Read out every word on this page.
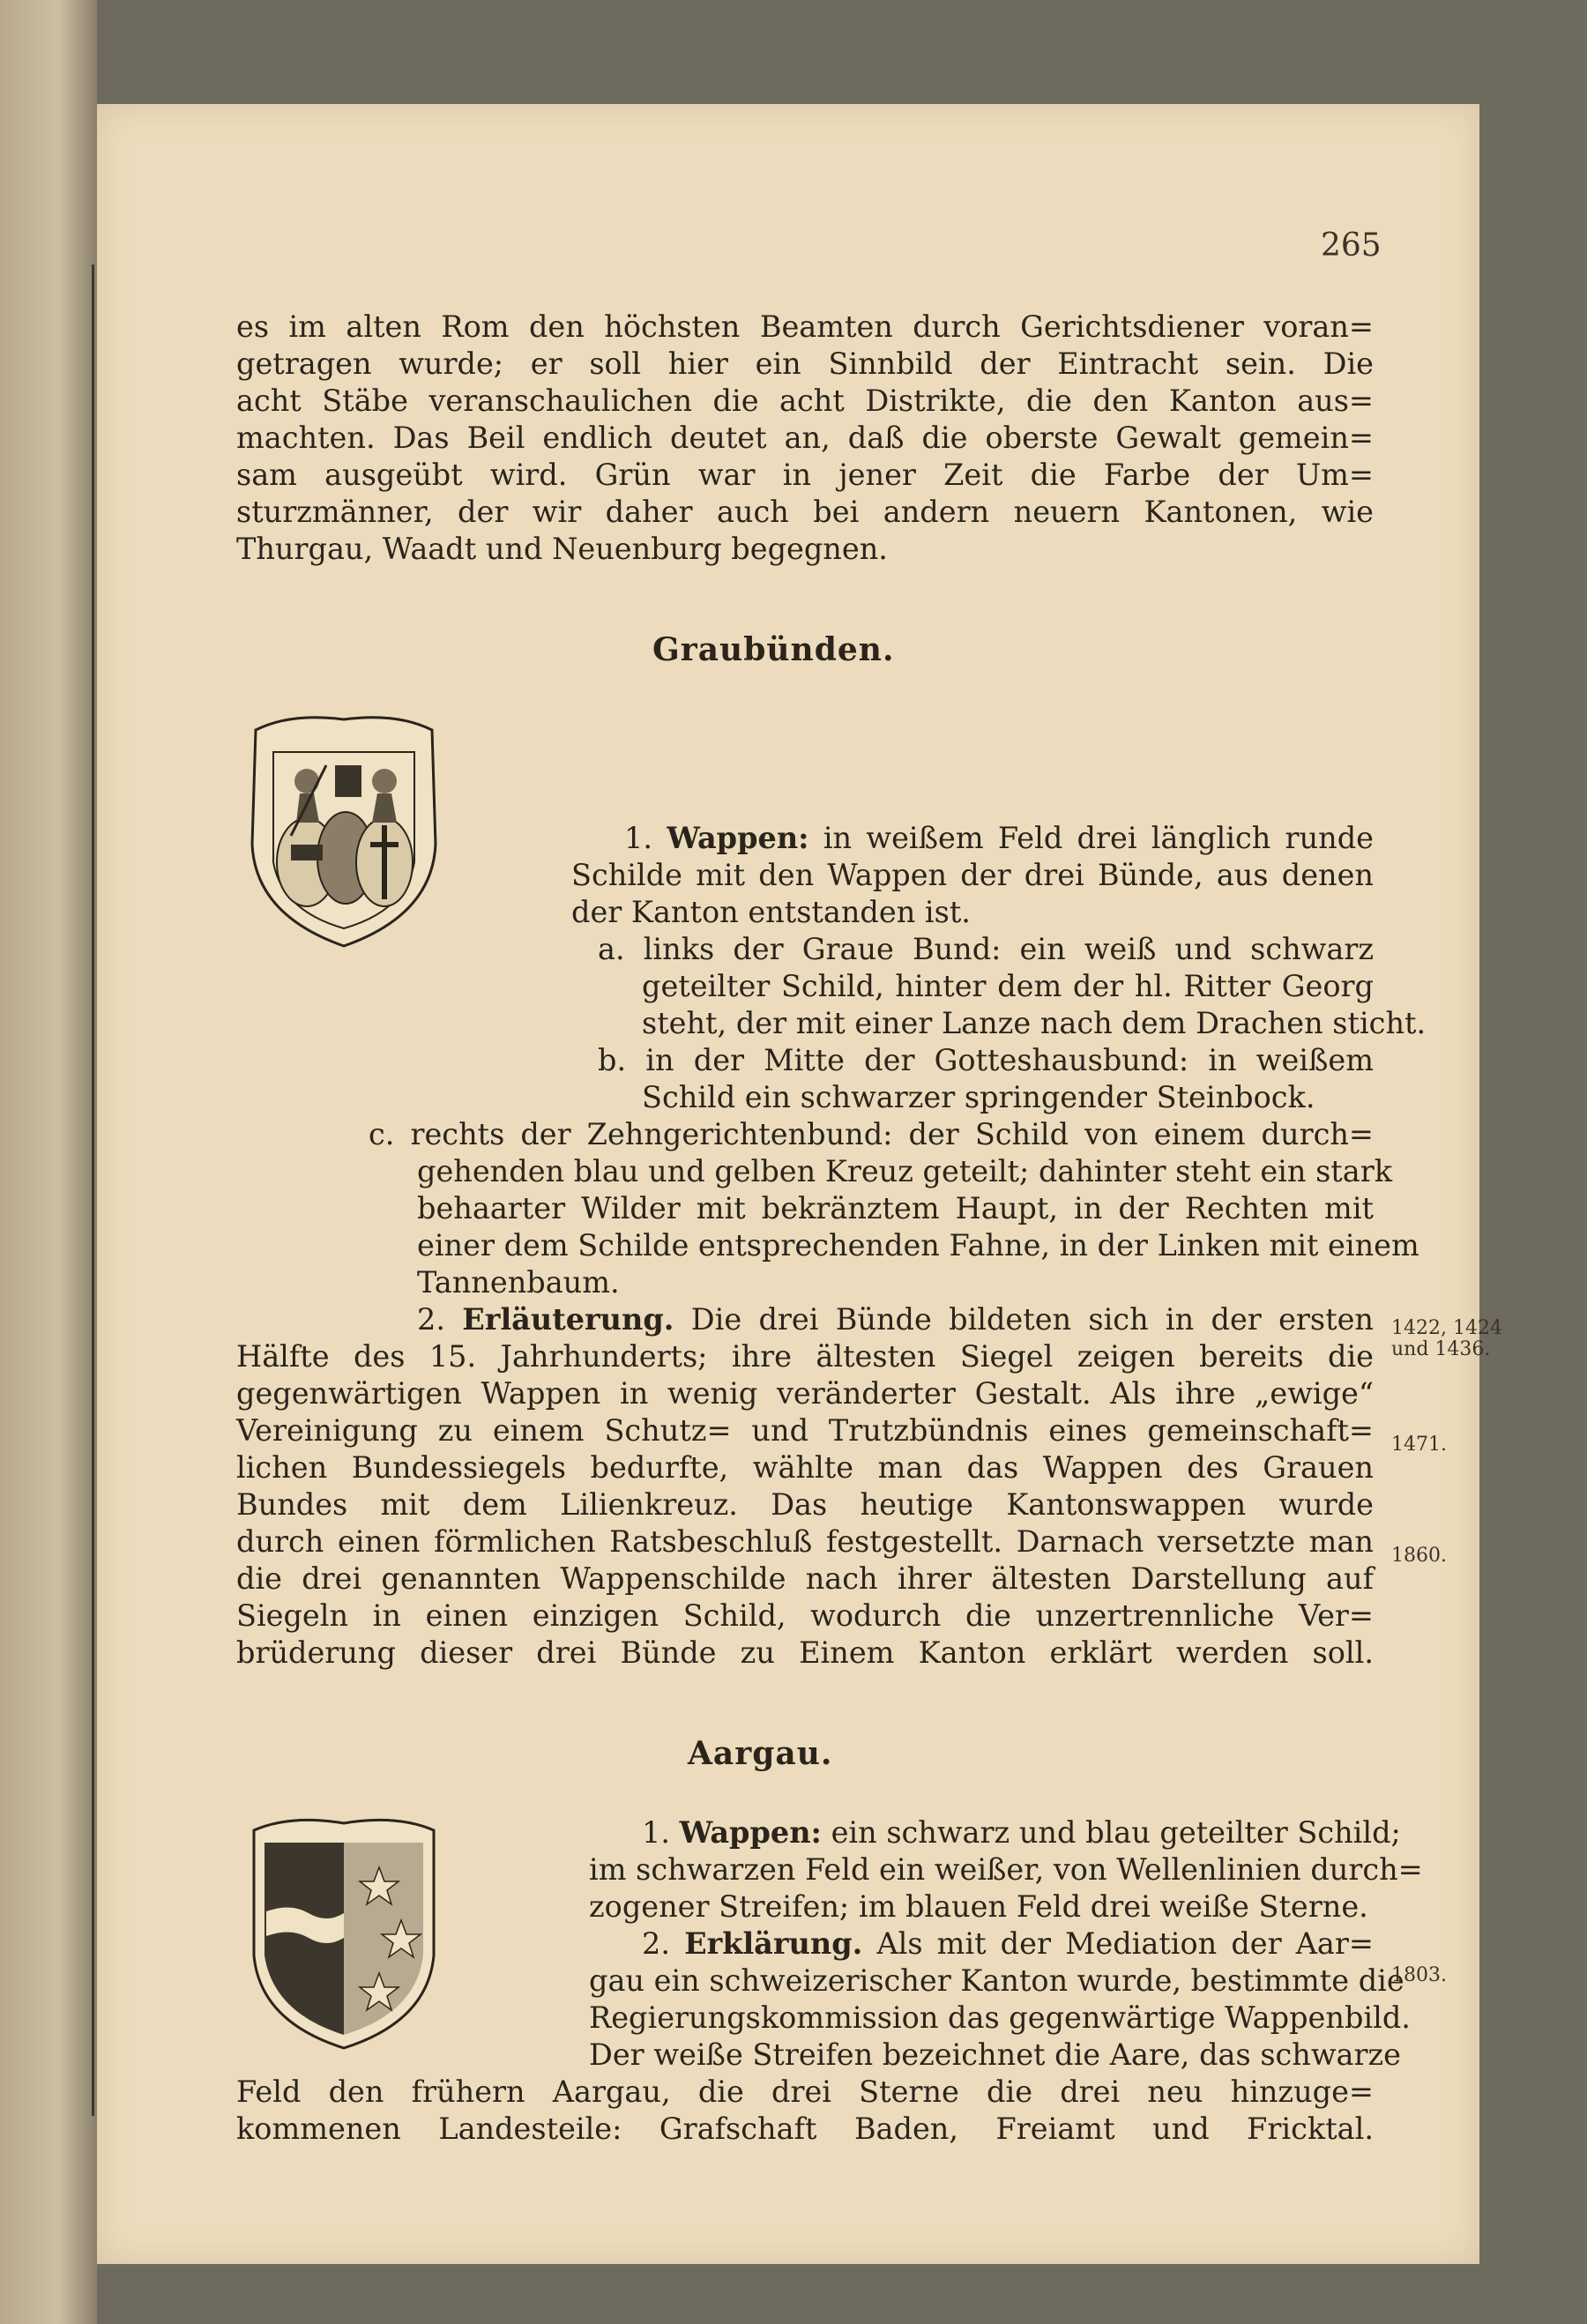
265
es im alten Rom den höchsten Beamten durch Gerichtsdiener voran=
getragen wurde; er soll hier ein Sinnbild der Eintracht sein. Die
acht Stäbe veranschaulichen die acht Distrikte, die den Kanton aus=
machten. Das Beil endlich deutet an, daß die oberste Gewalt gemein=
sam ausgeübt wird. Grün war in jener Zeit die Farbe der Um=
sturzmänner, der wir daher auch bei andern neuern Kantonen, wie
Thurgau, Waadt und Neuenburg begegnen.
Graubünden.
1. Wappen: in weißem Feld drei länglich runde
Schilde mit den Wappen der drei Bünde, aus denen
der Kanton entstanden ist.
a. links der Graue Bund: ein weiß und schwarz
geteilter Schild, hinter dem der hl. Ritter Georg
steht, der mit einer Lanze nach dem Drachen sticht.
b. in der Mitte der Gotteshausbund: in weißem
Schild ein schwarzer springender Steinbock.
c. rechts der Zehngerichtenbund: der Schild von einem durch=
gehenden blau und gelben Kreuz geteilt; dahinter steht ein stark
behaarter Wilder mit bekränztem Haupt, in der Rechten mit
einer dem Schilde entsprechenden Fahne, in der Linken mit einem
Tannenbaum.
2. Erläuterung. Die drei Bünde bildeten sich in der ersten
Hälfte des 15. Jahrhunderts; ihre ältesten Siegel zeigen bereits die
gegenwärtigen Wappen in wenig veränderter Gestalt. Als ihre „ewige“
Vereinigung zu einem Schutz= und Trutzbündnis eines gemeinschaft=
lichen Bundessiegels bedurfte, wählte man das Wappen des Grauen
Bundes mit dem Lilienkreuz. Das heutige Kantonswappen wurde
durch einen förmlichen Ratsbeschluß festgestellt. Darnach versetzte man
die drei genannten Wappenschilde nach ihrer ältesten Darstellung auf
Siegeln in einen einzigen Schild, wodurch die unzertrennliche Ver=
brüderung dieser drei Bünde zu Einem Kanton erklärt werden soll.
1422, 1424
und 1436.
1471.
1860.
Aargau.
1. Wappen: ein schwarz und blau geteilter Schild;
im schwarzen Feld ein weißer, von Wellenlinien durch=
zogener Streifen; im blauen Feld drei weiße Sterne.
2. Erklärung. Als mit der Mediation der Aar=
gau ein schweizerischer Kanton wurde, bestimmte die
Regierungskommission das gegenwärtige Wappenbild.
Der weiße Streifen bezeichnet die Aare, das schwarze
Feld den frühern Aargau, die drei Sterne die drei neu hinzuge=
kommenen Landesteile: Grafschaft Baden, Freiamt und Fricktal.
1803.
